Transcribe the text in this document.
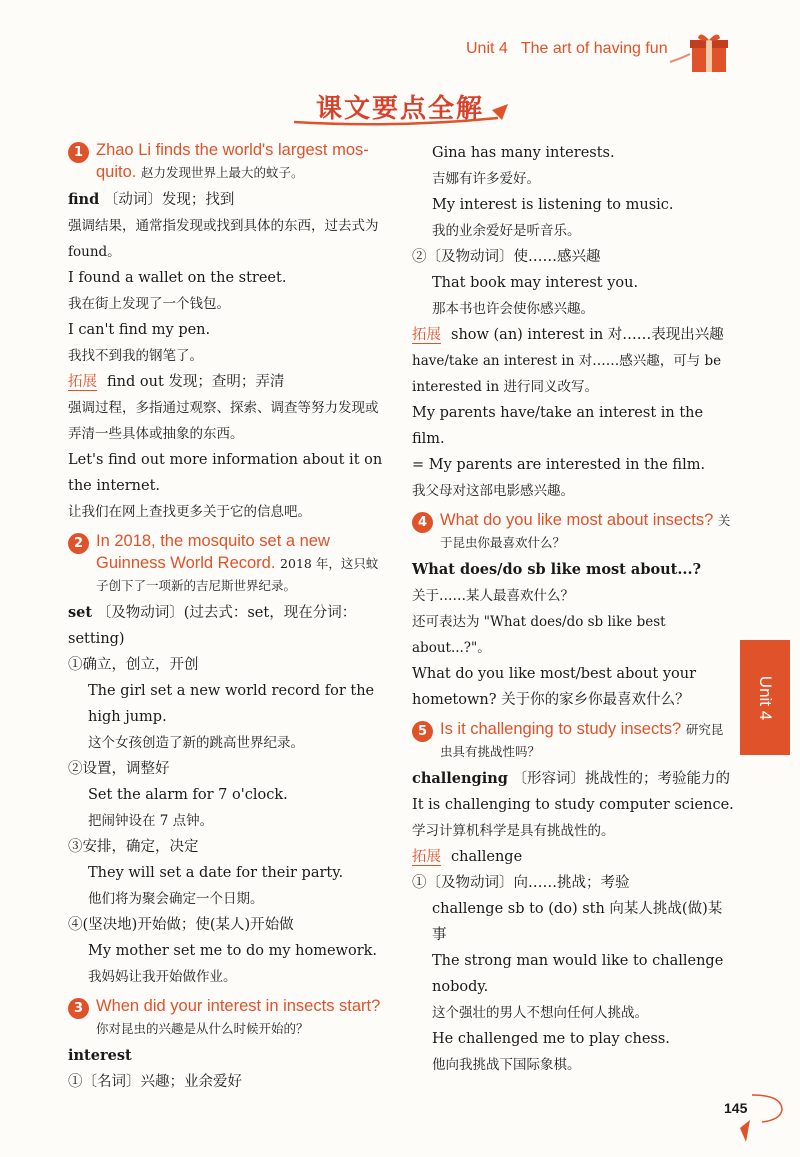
Unit 4 The art of having fun
课文要点全解
1 Zhao Li finds the world's largest mos-quito. 赵力发现世界上最大的蚊子。

find 〔动词〕发现；找到

强调结果，通常指发现或找到具体的东西，过去式为 found。

I found a wallet on the street.

我在街上发现了一个钱包。

I can't find my pen.

我找不到我的钢笔了。

拓展 find out 发现；查明；弄清

强调过程，多指通过观察、探索、调查等努力发现或弄清一些具体或抽象的东西。

Let's find out more information about it on the internet.

让我们在网上查找更多关于它的信息吧。

2 In 2018, the mosquito set a new Guinness World Record. 2018 年，这只蚊子创下了一项新的吉尼斯世界纪录。

set 〔及物动词〕(过去式：set，现在分词：setting)

①确立，创立，开创

The girl set a new world record for the high jump.

这个女孩创造了新的跳高世界纪录。

②设置，调整好

Set the alarm for 7 o'clock.

把闹钟设在 7 点钟。

③安排，确定，决定

They will set a date for their party.

他们将为聚会确定一个日期。

④(坚决地)开始做；使(某人)开始做

My mother set me to do my homework.

我妈妈让我开始做作业。

3 When did your interest in insects start? 你对昆虫的兴趣是从什么时候开始的？

interest

①〔名词〕兴趣；业余爱好

Gina has many interests.

吉娜有许多爱好。

My interest is listening to music.

我的业余爱好是听音乐。

②〔及物动词〕使……感兴趣

That book may interest you.

那本书也许会使你感兴趣。

拓展 show (an) interest in 对……表现出兴趣

have/take an interest in 对……感兴趣，可与 be interested in 进行同义改写。

My parents have/take an interest in the film.

= My parents are interested in the film.

我父母对这部电影感兴趣。

4 What do you like most about insects? 关于昆虫你最喜欢什么？

What does/do sb like most about...?

关于……某人最喜欢什么？

还可表达为 "What does/do sb like best about...?"。

What do you like most/best about your hometown? 关于你的家乡你最喜欢什么？

5 Is it challenging to study insects? 研究昆虫具有挑战性吗？

challenging 〔形容词〕挑战性的；考验能力的

It is challenging to study computer science.

学习计算机科学是具有挑战性的。

拓展 challenge

①〔及物动词〕向……挑战；考验

challenge sb to (do) sth 向某人挑战(做)某事

The strong man would like to challenge nobody.

这个强壮的男人不想向任何人挑战。

He challenged me to play chess.

他向我挑战下国际象棋。

Unit 4
145
